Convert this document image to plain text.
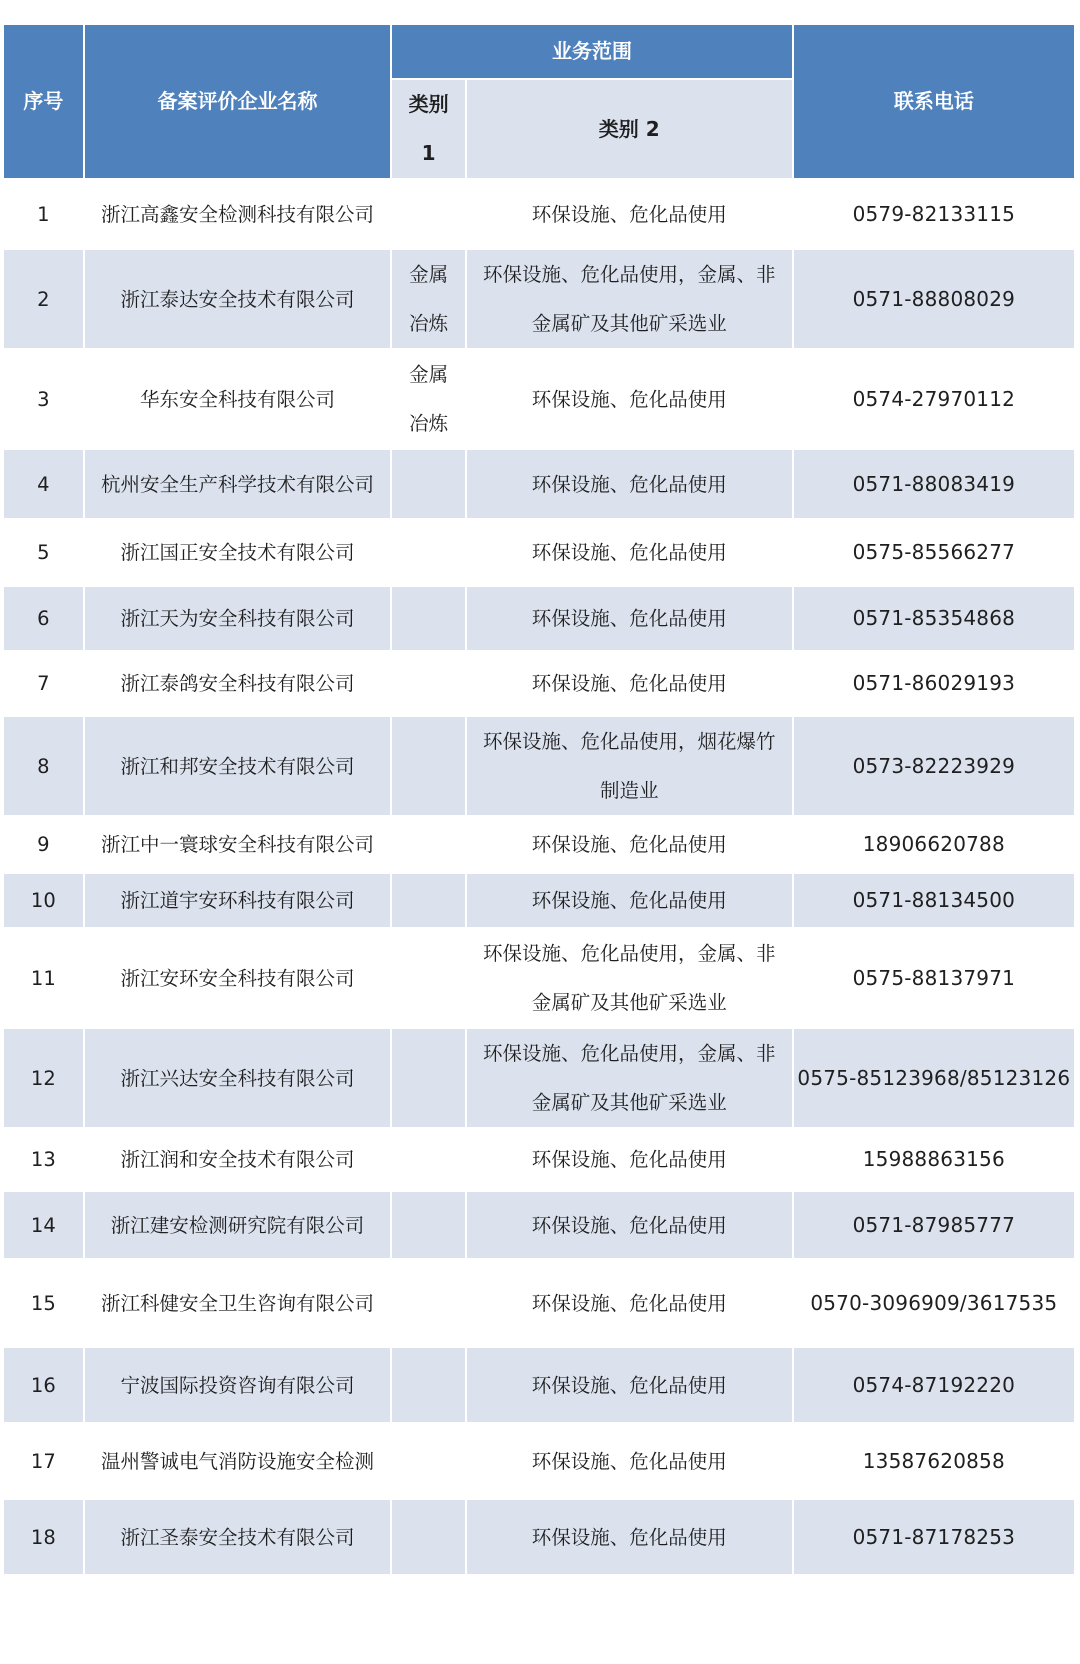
序号	备案评价企业名称	业务范围		联系电话
		类别 1	类别 2	
1	浙江高鑫安全检测科技有限公司		环保设施、危化品使用	0579-82133115
2	浙江泰达安全技术有限公司	金属冶炼	环保设施、危化品使用，金属、非金属矿及其他矿采选业	0571-88808029
3	华东安全科技有限公司	金属冶炼	环保设施、危化品使用	0574-27970112
4	杭州安全生产科学技术有限公司		环保设施、危化品使用	0571-88083419
5	浙江国正安全技术有限公司		环保设施、危化品使用	0575-85566277
6	浙江天为安全科技有限公司		环保设施、危化品使用	0571-85354868
7	浙江泰鸽安全科技有限公司		环保设施、危化品使用	0571-86029193
8	浙江和邦安全技术有限公司		环保设施、危化品使用，烟花爆竹制造业	0573-82223929
9	浙江中一寰球安全科技有限公司		环保设施、危化品使用	18906620788
10	浙江道宇安环科技有限公司		环保设施、危化品使用	0571-88134500
11	浙江安环安全科技有限公司		环保设施、危化品使用，金属、非金属矿及其他矿采选业	0575-88137971
12	浙江兴达安全科技有限公司		环保设施、危化品使用，金属、非金属矿及其他矿采选业	0575-85123968/85123126
13	浙江润和安全技术有限公司		环保设施、危化品使用	15988863156
14	浙江建安检测研究院有限公司		环保设施、危化品使用	0571-87985777
15	浙江科健安全卫生咨询有限公司		环保设施、危化品使用	0570-3096909/3617535
16	宁波国际投资咨询有限公司		环保设施、危化品使用	0574-87192220
17	温州警诚电气消防设施安全检测		环保设施、危化品使用	13587620858
18	浙江圣泰安全技术有限公司		环保设施、危化品使用	0571-87178253
